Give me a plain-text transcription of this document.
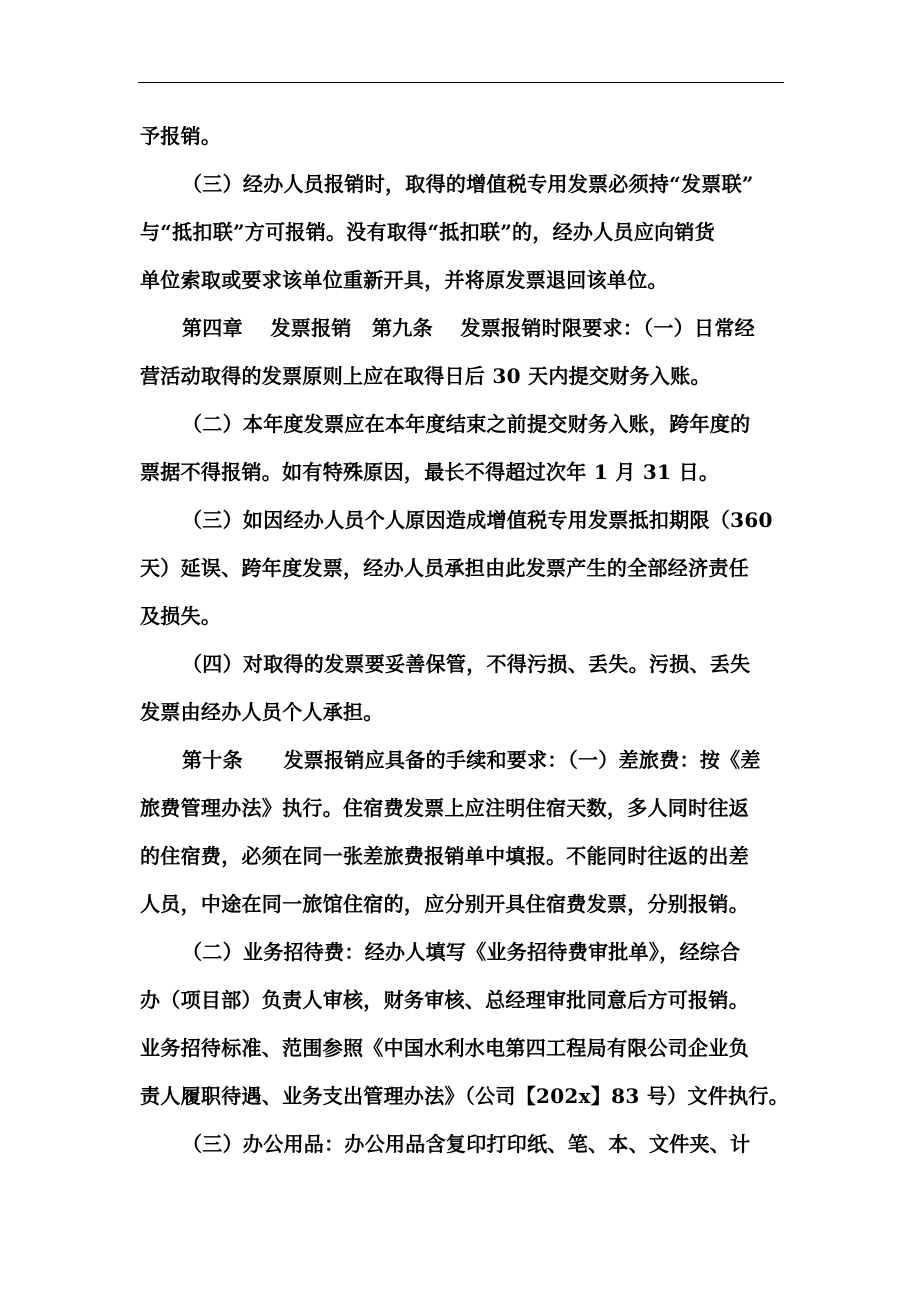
予报销。
（三）经办人员报销时，取得的增值税专用发票必须持“发票联”
与“抵扣联”方可报销。没有取得“抵扣联”的，经办人员应向销货
单位索取或要求该单位重新开具，并将原发票退回该单位。
第四章　 发票报销　第九条　 发票报销时限要求：（一）日常经
营活动取得的发票原则上应在取得日后 30 天内提交财务入账。
（二）本年度发票应在本年度结束之前提交财务入账，跨年度的
票据不得报销。如有特殊原因，最长不得超过次年 1 月 31 日。
（三）如因经办人员个人原因造成增值税专用发票抵扣期限（360
天）延误、跨年度发票，经办人员承担由此发票产生的全部经济责任
及损失。
（四）对取得的发票要妥善保管，不得污损、丢失。污损、丢失
发票由经办人员个人承担。
第十条　　发票报销应具备的手续和要求：（一）差旅费：按《差
旅费管理办法》执行。住宿费发票上应注明住宿天数，多人同时往返
的住宿费，必须在同一张差旅费报销单中填报。不能同时往返的出差
人员，中途在同一旅馆住宿的，应分别开具住宿费发票，分别报销。
（二）业务招待费：经办人填写《业务招待费审批单》，经综合
办（项目部）负责人审核，财务审核、总经理审批同意后方可报销。
业务招待标准、范围参照《中国水利水电第四工程局有限公司企业负
责人履职待遇、业务支出管理办法》（公司【202x】83 号）文件执行。
（三）办公用品：办公用品含复印打印纸、笔、本、文件夹、计
